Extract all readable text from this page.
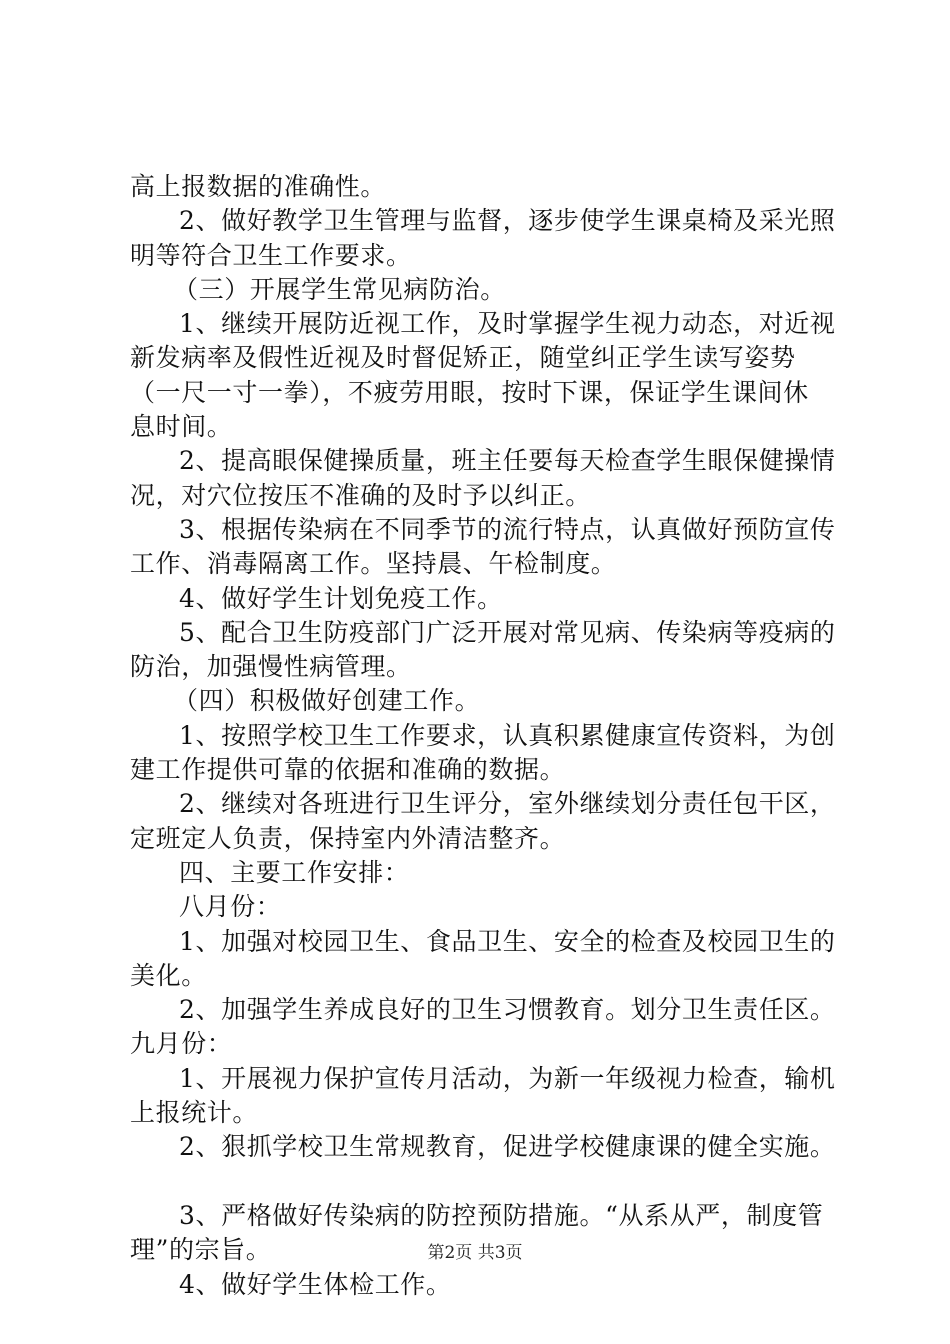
高上报数据的准确性。
2、做好教学卫生管理与监督，逐步使学生课桌椅及采光照
明等符合卫生工作要求。
（三）开展学生常见病防治。
1、继续开展防近视工作，及时掌握学生视力动态，对近视
新发病率及假性近视及时督促矫正，随堂纠正学生读写姿势
（一尺一寸一拳），不疲劳用眼，按时下课，保证学生课间休
息时间。
2、提高眼保健操质量，班主任要每天检查学生眼保健操情
况，对穴位按压不准确的及时予以纠正。
3、根据传染病在不同季节的流行特点，认真做好预防宣传
工作、消毒隔离工作。坚持晨、午检制度。
4、做好学生计划免疫工作。
5、配合卫生防疫部门广泛开展对常见病、传染病等疫病的
防治，加强慢性病管理。
（四）积极做好创建工作。
1、按照学校卫生工作要求，认真积累健康宣传资料，为创
建工作提供可靠的依据和准确的数据。
2、继续对各班进行卫生评分，室外继续划分责任包干区，
定班定人负责，保持室内外清洁整齐。
四、主要工作安排：
八月份：
1、加强对校园卫生、食品卫生、安全的检查及校园卫生的
美化。
2、加强学生养成良好的卫生习惯教育。划分卫生责任区。
九月份：
1、开展视力保护宣传月活动，为新一年级视力检查，输机
上报统计。
2、狠抓学校卫生常规教育，促进学校健康课的健全实施。
3、严格做好传染病的防控预防措施。“从系从严，制度管
理”的宗旨。
4、做好学生体检工作。
第2页 共3页
